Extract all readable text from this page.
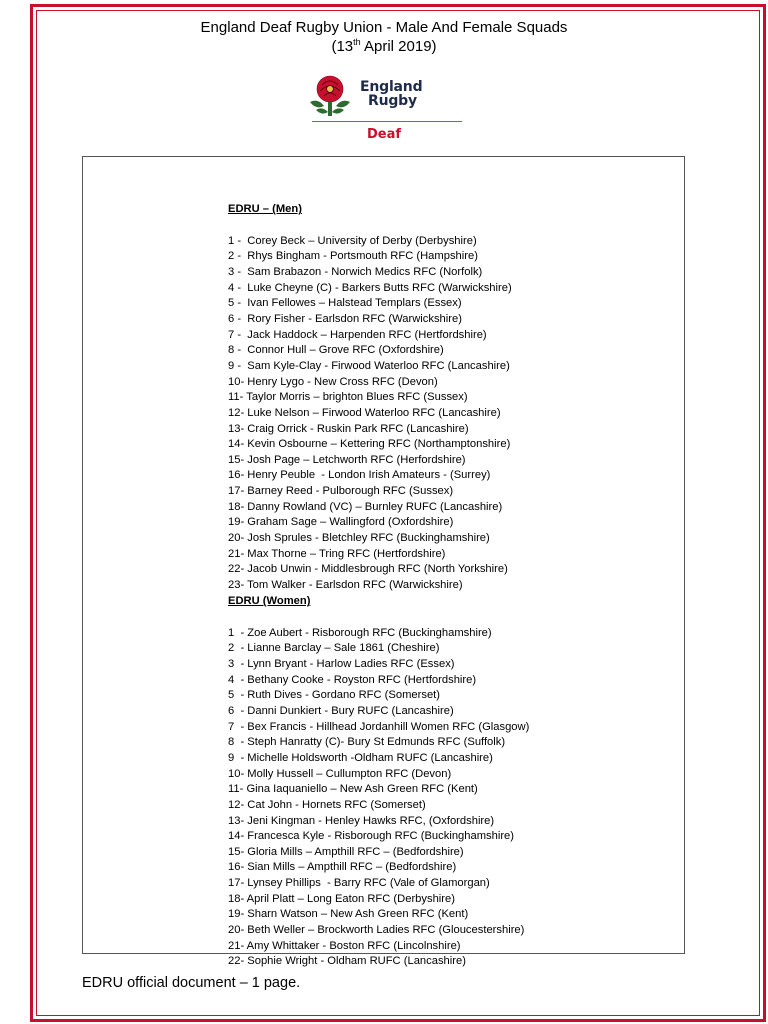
England Deaf Rugby Union - Male And Female Squads
(13th April 2019)
England
Rugby
Deaf

EDRU – (Men)

1 -  Corey Beck – University of Derby (Derbyshire)
2 -  Rhys Bingham - Portsmouth RFC (Hampshire)
3 -  Sam Brabazon - Norwich Medics RFC (Norfolk)
4 -  Luke Cheyne (C) - Barkers Butts RFC (Warwickshire)
5 -  Ivan Fellowes – Halstead Templars (Essex)
6 -  Rory Fisher - Earlsdon RFC (Warwickshire)
7 -  Jack Haddock – Harpenden RFC (Hertfordshire)
8 -  Connor Hull – Grove RFC (Oxfordshire)
9 -  Sam Kyle-Clay - Firwood Waterloo RFC (Lancashire)
10- Henry Lygo - New Cross RFC (Devon)
11- Taylor Morris – brighton Blues RFC (Sussex)
12- Luke Nelson – Firwood Waterloo RFC (Lancashire)
13- Craig Orrick - Ruskin Park RFC (Lancashire)
14- Kevin Osbourne – Kettering RFC (Northamptonshire)
15- Josh Page – Letchworth RFC (Herfordshire)
16- Henry Peuble  - London Irish Amateurs - (Surrey)
17- Barney Reed - Pulborough RFC (Sussex)
18- Danny Rowland (VC) – Burnley RUFC (Lancashire)
19- Graham Sage – Wallingford (Oxfordshire)
20- Josh Sprules - Bletchley RFC (Buckinghamshire)
21- Max Thorne – Tring RFC (Hertfordshire)
22- Jacob Unwin - Middlesbrough RFC (North Yorkshire)
23- Tom Walker - Earlsdon RFC (Warwickshire)

EDRU (Women)

1  - Zoe Aubert - Risborough RFC (Buckinghamshire)
2  - Lianne Barclay – Sale 1861 (Cheshire)
3  - Lynn Bryant - Harlow Ladies RFC (Essex)
4  - Bethany Cooke - Royston RFC (Hertfordshire)
5  - Ruth Dives - Gordano RFC (Somerset)
6  - Danni Dunkiert - Bury RUFC (Lancashire)
7  - Bex Francis - Hillhead Jordanhill Women RFC (Glasgow)
8  - Steph Hanratty (C)- Bury St Edmunds RFC (Suffolk)
9  - Michelle Holdsworth -Oldham RUFC (Lancashire)
10- Molly Hussell – Cullumpton RFC (Devon)
11- Gina Iaquaniello – New Ash Green RFC (Kent)
12- Cat John - Hornets RFC (Somerset)
13- Jeni Kingman - Henley Hawks RFC, (Oxfordshire)
14- Francesca Kyle - Risborough RFC (Buckinghamshire)
15- Gloria Mills – Ampthill RFC – (Bedfordshire)
16- Sian Mills – Ampthill RFC – (Bedfordshire)
17- Lynsey Phillips  - Barry RFC (Vale of Glamorgan)
18- April Platt – Long Eaton RFC (Derbyshire)
19- Sharn Watson – New Ash Green RFC (Kent)
20- Beth Weller – Brockworth Ladies RFC (Gloucestershire)
21- Amy Whittaker - Boston RFC (Lincolnshire)
22- Sophie Wright - Oldham RUFC (Lancashire)
EDRU official document – 1 page.
